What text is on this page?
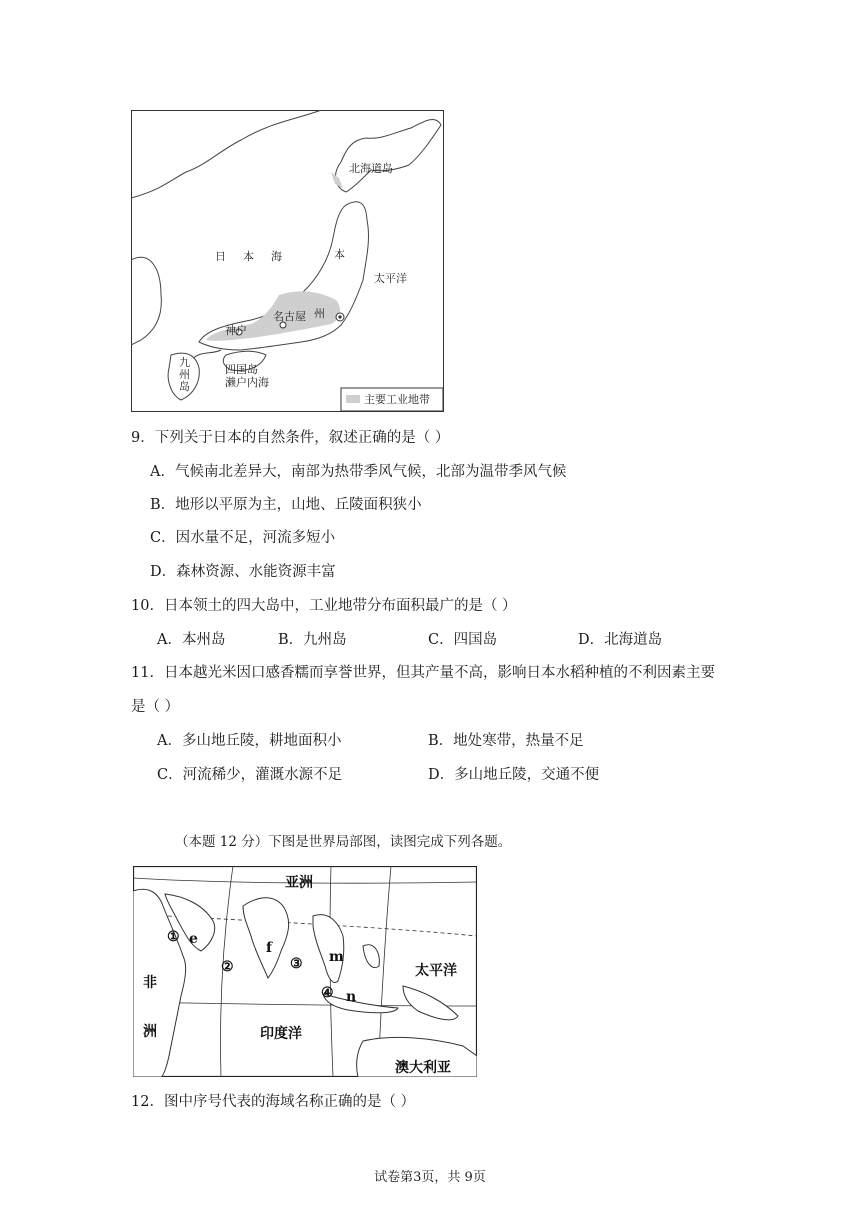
北海道岛
日 本 海	本
州
太平洋
名古屋
神户
九
州
岛
四国岛
濑户内海
主要工业地带
9．下列关于日本的自然条件，叙述正确的是（ ）
A．气候南北差异大，南部为热带季风气候，北部为温带季风气候
B．地形以平原为主，山地、丘陵面积狭小
C．因水量不足，河流多短小
D．森林资源、水能资源丰富
10．日本领土的四大岛中，工业地带分布面积最广的是（ ）
A．本州岛	B．九州岛	C．四国岛	D．北海道岛
11．日本越光米因口感香糯而享誉世界，但其产量不高，影响日本水稻种植的不利因素主要
是（ ）
A．多山地丘陵，耕地面积小	B．地处寒带，热量不足
C．河流稀少，灌溉水源不足	D．多山地丘陵，交通不便
（本题 12 分）下图是世界局部图，读图完成下列各题。
亚洲
太平洋
非
洲	印度洋
澳大利亚
①
②	③
④
e
f
m
n
12．图中序号代表的海域名称正确的是（ ）
试卷第3页，共 9页
